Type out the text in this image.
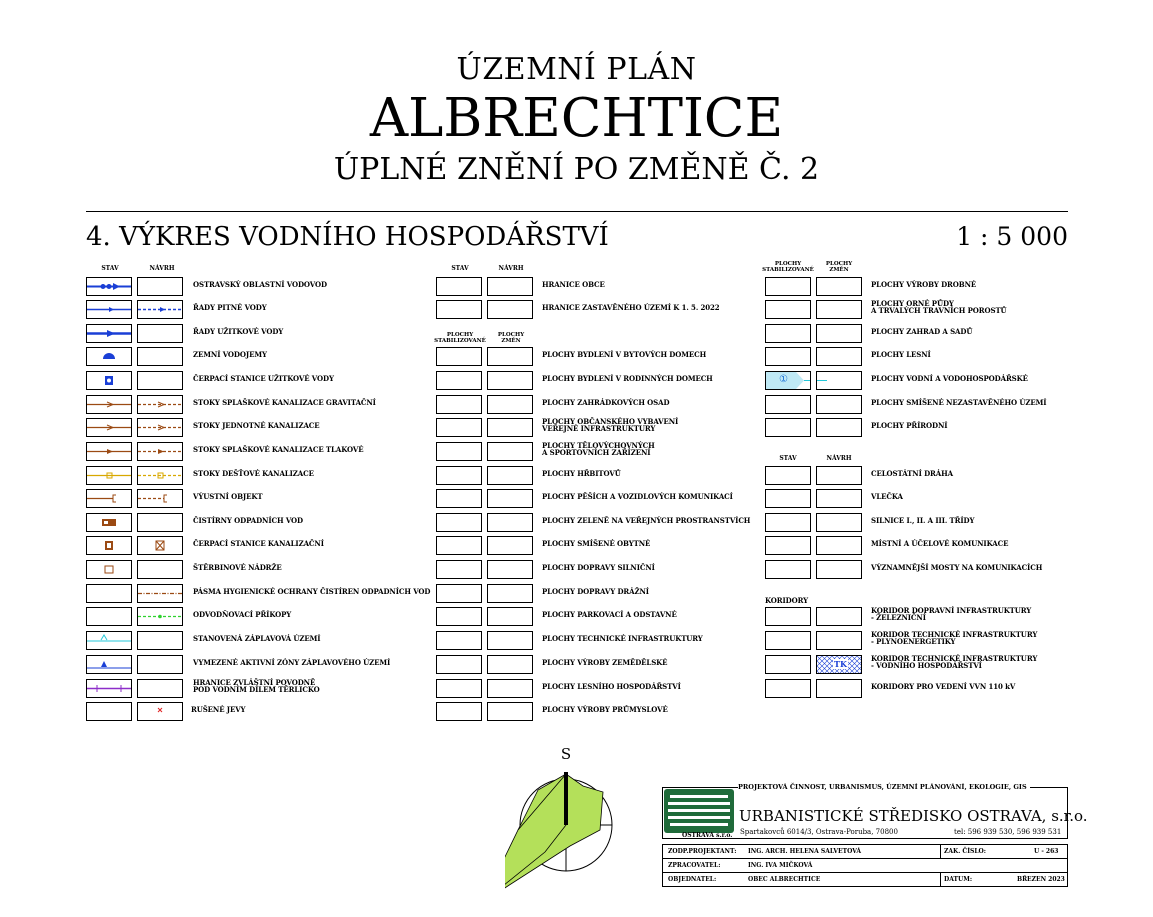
ÚZEMNÍ PLÁN
ALBRECHTICE
ÚPLNÉ ZNĚNÍ PO ZMĚNĚ Č. 2
4. VÝKRES VODNÍHO HOSPODÁŘSTVÍ	1 : 5 000
STAV	NÁVRH
OSTRAVSKÝ OBLASTNÍ VODOVOD
ŘADY PITNÉ VODY
ŘADY UŽITKOVÉ VODY
ZEMNÍ VODOJEMY
ČERPACÍ STANICE UŽITKOVÉ VODY
STOKY SPLAŠKOVÉ KANALIZACE GRAVITAČNÍ
STOKY JEDNOTNÉ KANALIZACE
STOKY SPLAŠKOVÉ KANALIZACE TLAKOVÉ
STOKY DEŠŤOVÉ KANALIZACE
VÝUSTNÍ OBJEKT
ČISTÍRNY ODPADNÍCH VOD
ČERPACÍ STANICE KANALIZAČNÍ
ŠTĚRBINOVÉ NÁDRŽE
PÁSMA HYGIENICKÉ OCHRANY ČISTÍREN ODPADNÍCH VOD
ODVODŇOVACÍ PŘÍKOPY
STANOVENÁ ZÁPLAVOVÁ ÚZEMÍ
VYMEZENÉ AKTIVNÍ ZÓNY ZÁPLAVOVÉHO ÚZEMÍ
HRANICE ZVLÁŠTNÍ POVODNĚ
POD VODNÍM DÍLEM TĚRLICKO
RUŠENÉ JEVY
STAV	NÁVRH
PLOCHY
STABILIZOVANÉ
PLOCHY
ZMĚN
HRANICE OBCE
HRANICE ZASTAVĚNÉHO ÚZEMÍ K 1. 5. 2022
PLOCHY BYDLENÍ V BYTOVÝCH DOMECH
PLOCHY BYDLENÍ V RODINNÝCH DOMECH
PLOCHY ZAHRÁDKOVÝCH OSAD
PLOCHY OBČANSKÉHO VYBAVENÍ
VEŘEJNÉ INFRASTRUKTURY
PLOCHY TĚLOVÝCHOVNÝCH
A SPORTOVNÍCH ZAŘÍZENÍ
PLOCHY HŘBITOVŮ
PLOCHY PĚŠÍCH A VOZIDLOVÝCH KOMUNIKACÍ
PLOCHY ZELENĚ NA VEŘEJNÝCH PROSTRANSTVÍCH
PLOCHY SMÍŠENÉ OBYTNÉ
PLOCHY DOPRAVY SILNIČNÍ
PLOCHY DOPRAVY DRÁŽNÍ
PLOCHY PARKOVACÍ A ODSTAVNÉ
PLOCHY TECHNICKÉ INFRASTRUKTURY
PLOCHY VÝROBY ZEMĚDĚLSKÉ
PLOCHY LESNÍHO HOSPODÁŘSTVÍ
PLOCHY VÝROBY PRŮMYSLOVÉ
PLOCHY
STABILIZOVANÉ
PLOCHY
ZMĚN
STAV	NÁVRH
KORIDORY
PLOCHY VÝROBY DROBNÉ
PLOCHY ORNÉ PŮDY
A TRVALÝCH TRAVNÍCH POROSTŮ
PLOCHY ZAHRAD A SADŮ
PLOCHY LESNÍ
①	PLOCHY VODNÍ A VODOHOSPODÁŘSKÉ
PLOCHY SMÍŠENÉ NEZASTAVĚNÉHO ÚZEMÍ
PLOCHY PŘÍRODNÍ
CELOSTÁTNÍ DRÁHA
VLEČKA
SILNICE I., II. A III. TŘÍDY
MÍSTNÍ A ÚČELOVÉ KOMUNIKACE
VÝZNAMNĚJŠÍ MOSTY NA KOMUNIKACÍCH
KORIDOR DOPRAVNÍ INFRASTRUKTURY
- ŽELEZNIČNÍ
KORIDOR TECHNICKÉ INFRASTRUKTURY
- PLYNOENERGETIKY
TK
KORIDOR TECHNICKÉ INFRASTRUKTURY
- VODNÍHO HOSPODÁŘSTVÍ
KORIDORY PRO VEDENÍ VVN 110 kV
S
OSTRAVA s.r.o.
PROJEKTOVÁ ČINNOST, URBANISMUS, ÚZEMNÍ PLÁNOVÁNÍ, EKOLOGIE, GIS
URBANISTICKÉ STŘEDISKO OSTRAVA, s.r.o.
Spartakovců 6014/3, Ostrava-Poruba, 70800	tel: 596 939 530, 596 939 531
ZODP.PROJEKTANT: ING. ARCH. HELENA SALVETOVÁ	ZAK. ČÍSLO:	U - 263
ZPRACOVATEL:	ING. IVA MIČKOVÁ
OBJEDNATEL:	OBEC ALBRECHTICE	DATUM:	BŘEZEN 2023
